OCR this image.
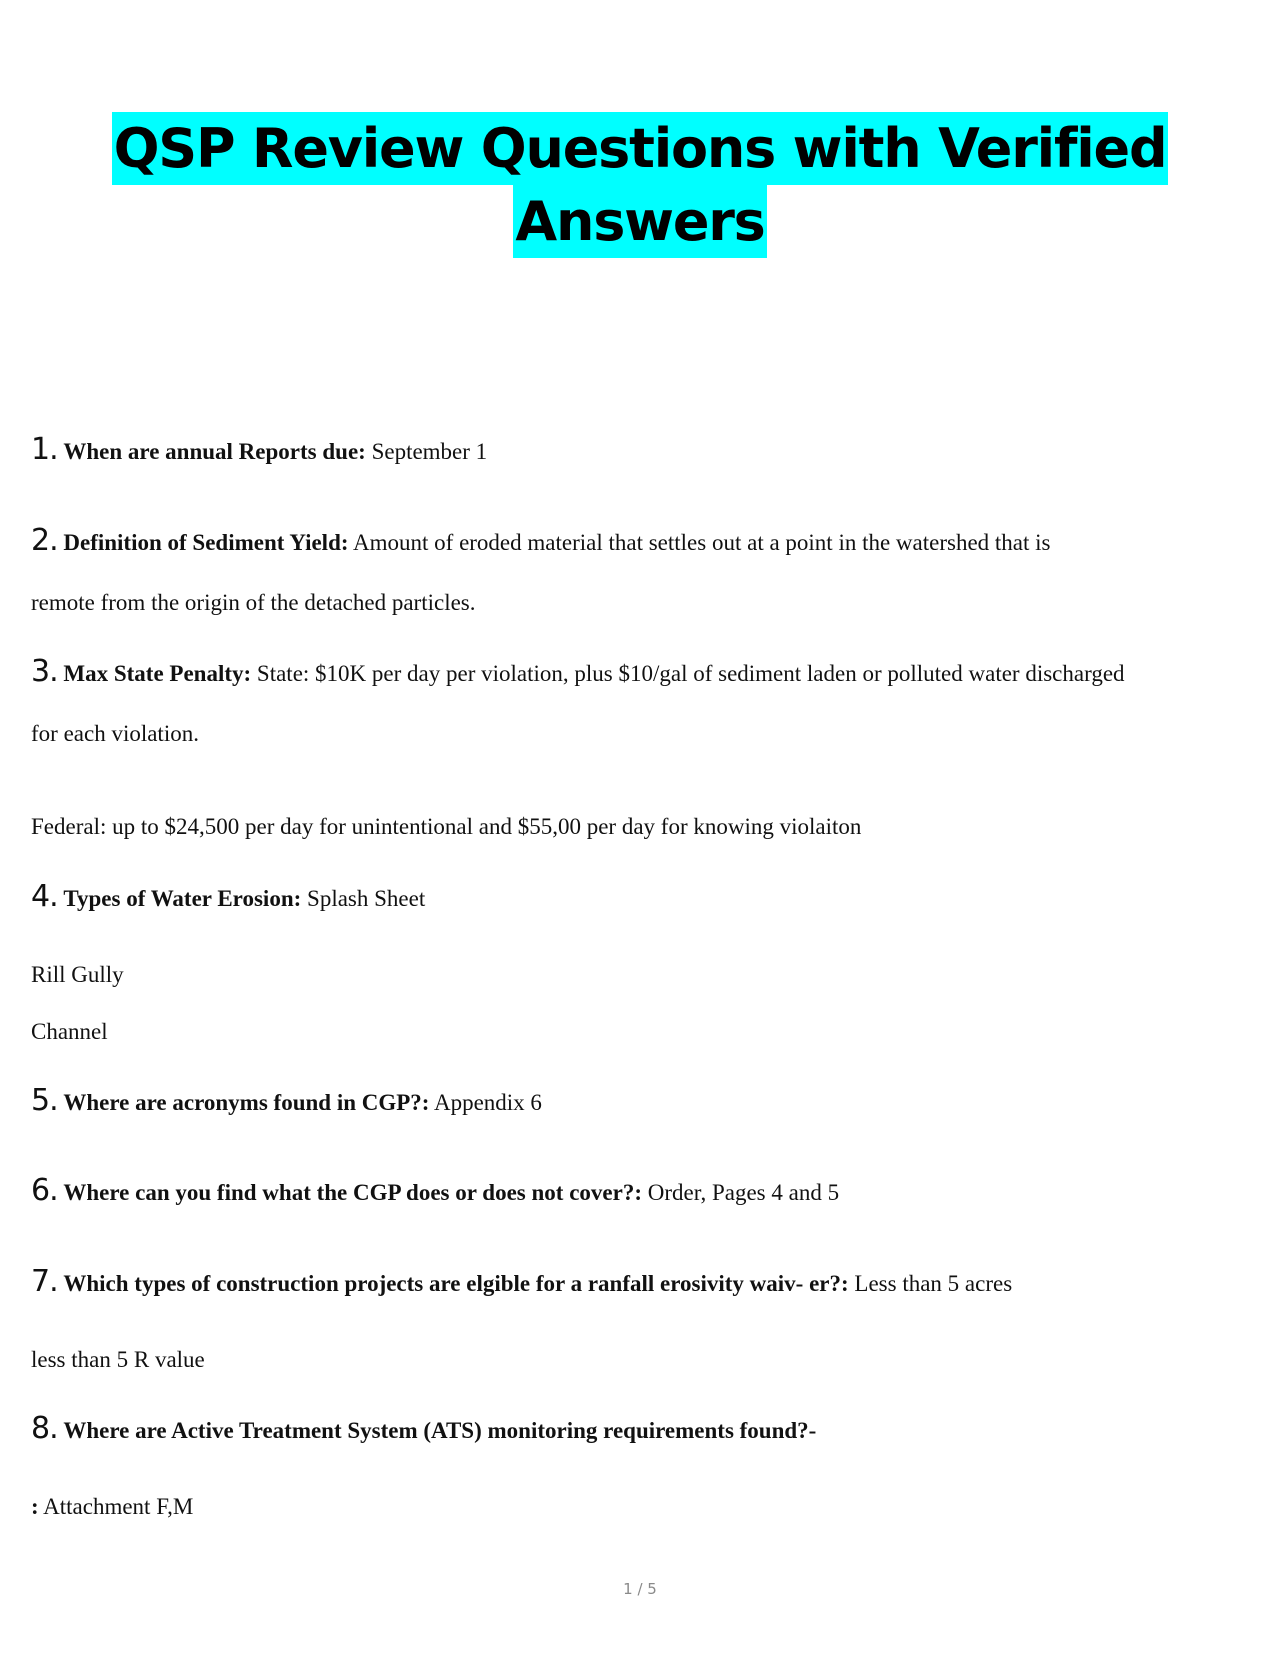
QSP Review Questions with Verified
Answers
1. When are annual Reports due: September 1
2. Definition of Sediment Yield: Amount of eroded material that settles out at a point in the watershed that is
remote from the origin of the detached particles.
3. Max State Penalty: State: $10K per day per violation, plus $10/gal of sediment laden or polluted water discharged
for each violation.
Federal: up to $24,500 per day for unintentional and $55,00 per day for knowing violaiton
4. Types of Water Erosion: Splash Sheet
Rill Gully
Channel
5. Where are acronyms found in CGP?: Appendix 6
6. Where can you find what the CGP does or does not cover?: Order, Pages 4 and 5
7. Which types of construction projects are elgible for a ranfall erosivity waiv- er?: Less than 5 acres
less than 5 R value
8. Where are Active Treatment System (ATS) monitoring requirements found?-
: Attachment F,M
1 / 5
